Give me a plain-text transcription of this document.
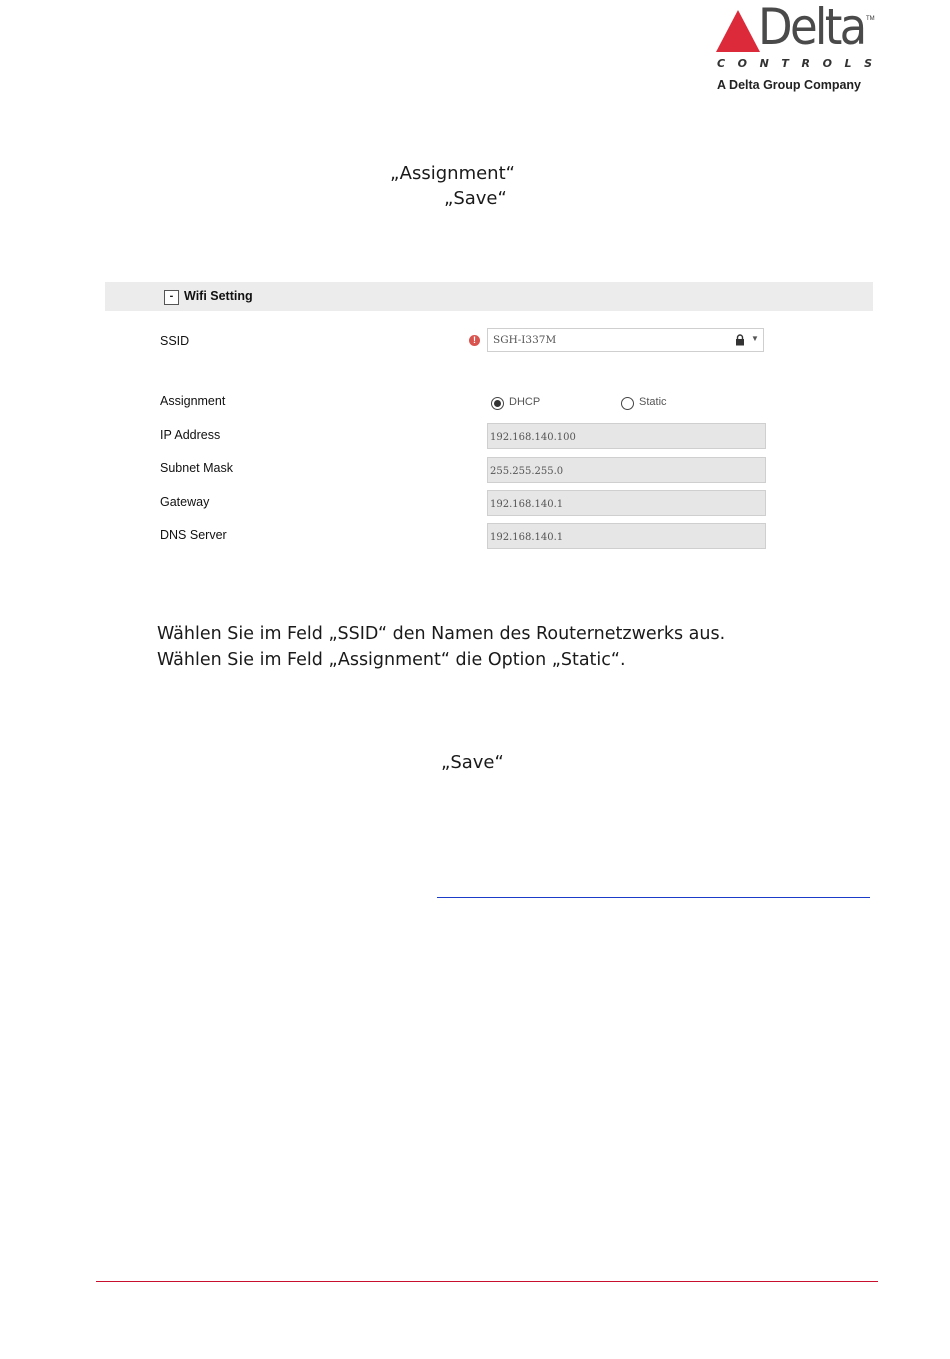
Delta TM
CONTROLS
A Delta Group Company
„Assignment“
„Save“
- Wifi Setting
SSID	!	SGH-I337M	▼
Assignment	DHCP	Static
IP Address	192.168.140.100
Subnet Mask	255.255.255.0
Gateway	192.168.140.1
DNS Server	192.168.140.1
Wählen Sie im Feld „SSID“ den Namen des Routernetzwerks aus.
Wählen Sie im Feld „Assignment“ die Option „Static“.
„Save“
